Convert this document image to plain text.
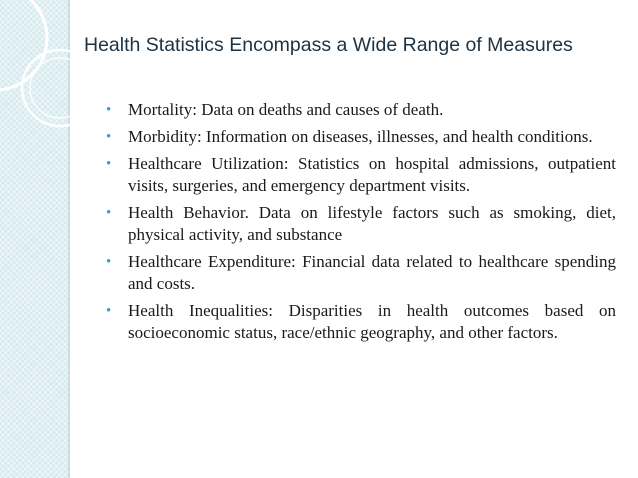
Health Statistics Encompass a Wide Range of Measures
• Mortality: Data on deaths and causes of death.
• Morbidity: Information on diseases, illnesses, and health conditions.
• Healthcare Utilization: Statistics on hospital admissions, outpatient visits, surgeries, and emergency department visits.
• Health Behavior. Data on lifestyle factors such as smoking, diet, physical activity, and substance
• Healthcare Expenditure: Financial data related to healthcare spending and costs.
• Health Inequalities: Disparities in health outcomes based on socioeconomic status, race/ethnic geography, and other factors.
